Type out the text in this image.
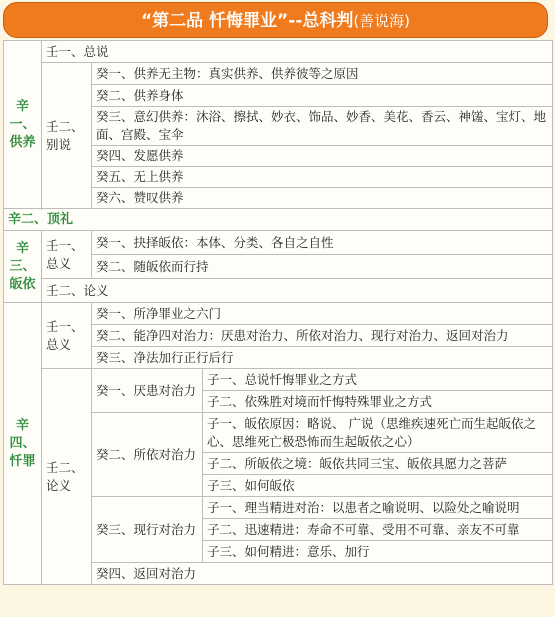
“第二品 忏悔罪业”--总科判(善说海)
辛一、供养	壬一、总说		
	壬二、别说	癸一、供养无主物：真实供养、供养彼等之原因	
		癸二、供养身体	
		癸三、意幻供养：沐浴、擦拭、妙衣、饰品、妙香、美花、香云、神馐、宝灯、地面、宫殿、宝伞	
		癸四、发愿供养	
		癸五、无上供养	
		癸六、赞叹供养	

辛二、顶礼			
辛三、皈依	壬一、总义	癸一、抉择皈依：本体、分类、各自之自性	
		癸二、随皈依而行持	
	壬二、论义		
辛四、忏罪	壬一、总义	癸一、所净罪业之六门	
		癸二、能净四对治力：厌患对治力、所依对治力、现行对治力、返回对治力	
		癸三、净法加行正行后行	
	壬二、论义	癸一、厌患对治力	子一、总说忏悔罪业之方式
			子二、依殊胜对境而忏悔特殊罪业之方式
		癸二、所依对治力	子一、皈依原因：略说、 广说（思维疾速死亡而生起皈依之心、思维死亡极恐怖而生起皈依之心）
			子二、所皈依之境：皈依共同三宝、皈依具愿力之菩萨
			子三、如何皈依
		癸三、现行对治力	子一、理当精进对治：以患者之喻说明、以险处之喻说明
			子二、迅速精进：寿命不可靠、受用不可靠、亲友不可靠
			子三、如何精进：意乐、加行
		癸四、返回对治力	
